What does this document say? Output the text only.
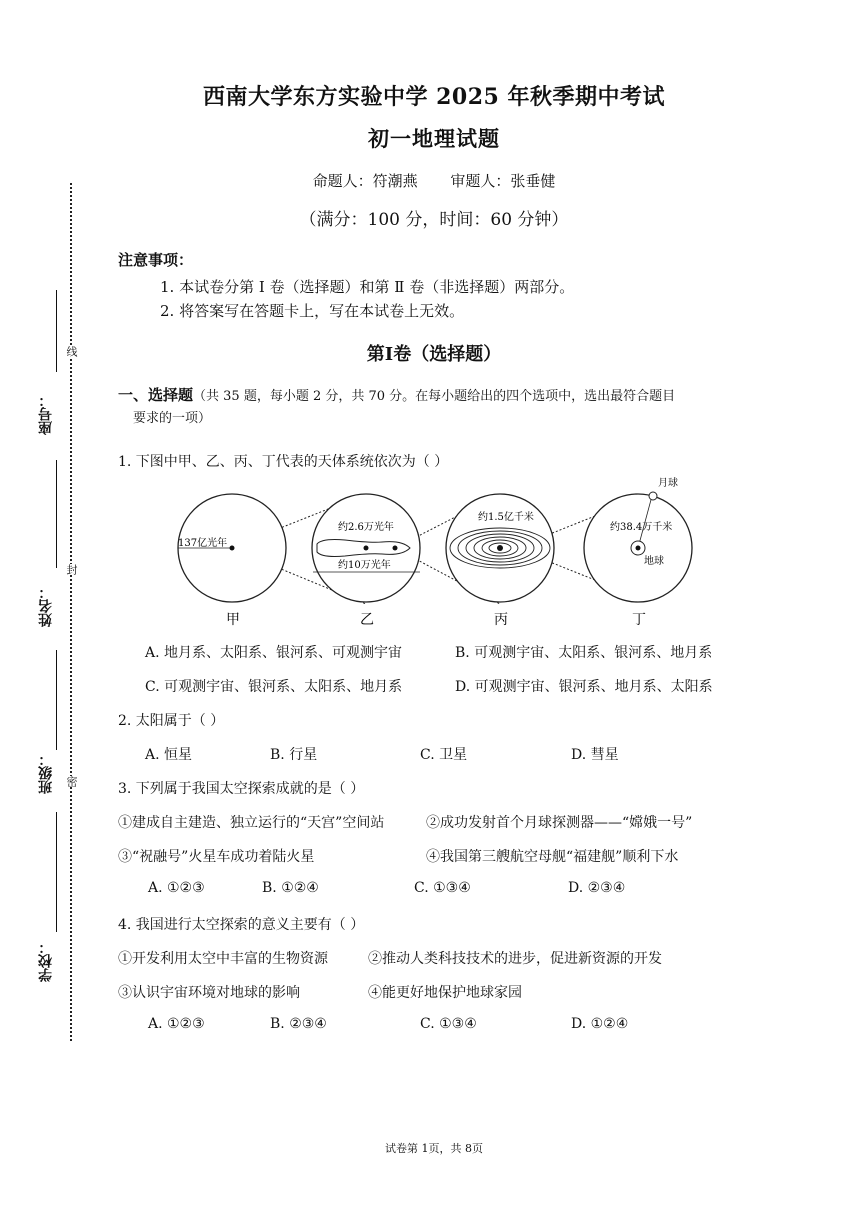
座号：
姓名：
班级：
学校：
线
封
密
西南大学东方实验中学 2025 年秋季期中考试
初一地理试题
命题人：符潮燕 审题人：张垂健
（满分：100 分，时间：60 分钟）
注意事项：
1. 本试卷分第 Ⅰ 卷（选择题）和第 Ⅱ 卷（非选择题）两部分。
2. 将答案写在答题卡上，写在本试卷上无效。
第Ⅰ卷（选择题）
一、选择题（共 35 题，每小题 2 分，共 70 分。在每小题给出的四个选项中，选出最符合题目
要求的一项）
1. 下图中甲、乙、丙、丁代表的天体系统依次为（ ）
137亿光年
约2.6万光年
约10万光年
约1.5亿千米
月球
约38.4万千米
地球
甲	乙	丙	丁
A. 地月系、太阳系、银河系、可观测宇宙	B. 可观测宇宙、太阳系、银河系、地月系
C. 可观测宇宙、银河系、太阳系、地月系	D. 可观测宇宙、银河系、地月系、太阳系
2. 太阳属于（ ）
A. 恒星	B. 行星	C. 卫星	D. 彗星
3. 下列属于我国太空探索成就的是（ ）
①建成自主建造、独立运行的“天宫”空间站	②成功发射首个月球探测器——“嫦娥一号”
③“祝融号”火星车成功着陆火星	④我国第三艘航空母舰“福建舰”顺利下水
A. ①②③	B. ①②④	C. ①③④	D. ②③④
4. 我国进行太空探索的意义主要有（ ）
①开发利用太空中丰富的生物资源	②推动人类科技技术的进步，促进新资源的开发
③认识宇宙环境对地球的影响	④能更好地保护地球家园
A. ①②③	B. ②③④	C. ①③④	D. ①②④
试卷第 1页，共 8页
